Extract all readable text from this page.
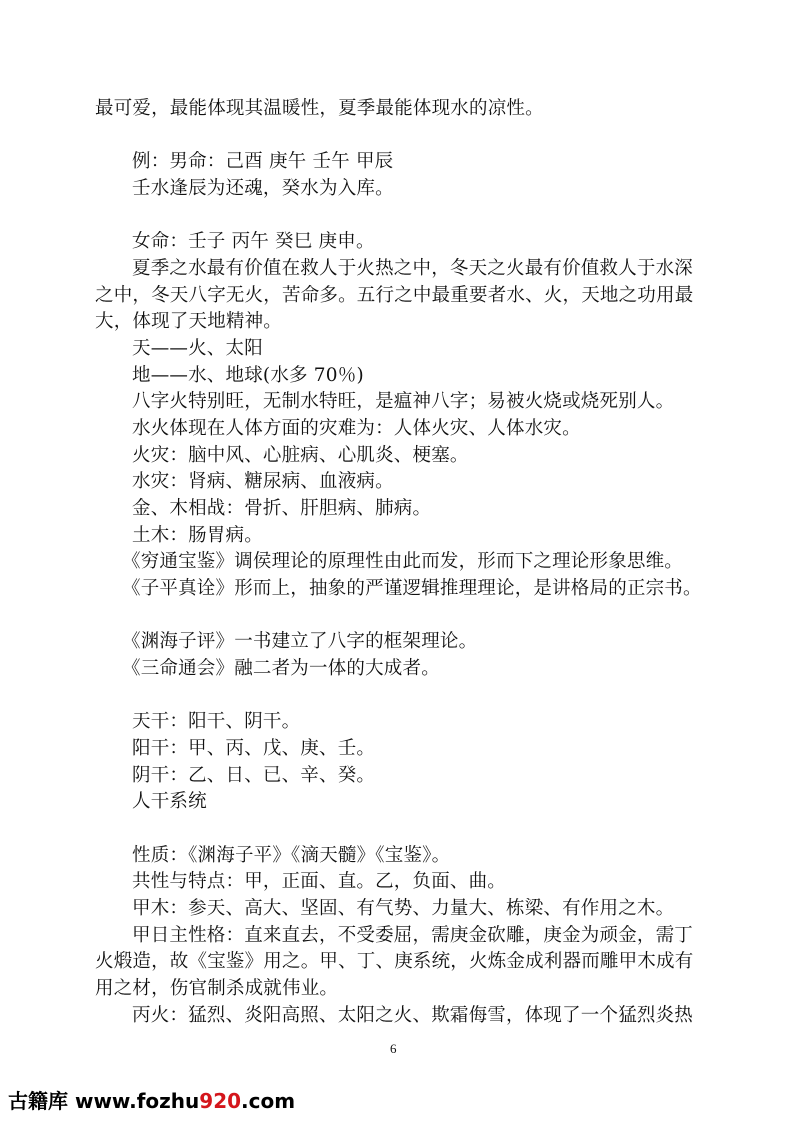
最可爱，最能体现其温暖性，夏季最能体现水的凉性。
例：男命：己酉 庚午 壬午 甲辰
壬水逢辰为还魂，癸水为入库。
女命：壬子 丙午 癸巳 庚申。
夏季之水最有价值在救人于火热之中，冬天之火最有价值救人于水深
之中，冬天八字无火，苦命多。五行之中最重要者水、火，天地之功用最
大，体现了天地精神。
天——火、太阳
地——水、地球(水多 70％)
八字火特别旺，无制水特旺，是瘟神八字；易被火烧或烧死别人。
水火体现在人体方面的灾难为：人体火灾、人体水灾。
火灾：脑中风、心脏病、心肌炎、梗塞。
水灾：肾病、糖尿病、血液病。
金、木相战：骨折、肝胆病、肺病。
土木：肠胃病。
《穷通宝鉴》调侯理论的原理性由此而发，形而下之理论形象思维。
《子平真诠》形而上，抽象的严谨逻辑推理理论，是讲格局的正宗书。
《渊海子评》一书建立了八字的框架理论。
《三命通会》融二者为一体的大成者。
天干：阳干、阴干。
阳干：甲、丙、戊、庚、壬。
阴干：乙、日、已、辛、癸。
人干系统
性质：《渊海子平》《滴天髓》《宝鉴》。
共性与特点：甲，正面、直。乙，负面、曲。
甲木：参天、高大、坚固、有气势、力量大、栋梁、有作用之木。
甲日主性格：直来直去，不受委屈，需庚金砍雕，庚金为顽金，需丁
火煅造，故《宝鉴》用之。甲、丁、庚系统，火炼金成利器而雕甲木成有
用之材，伤官制杀成就伟业。
丙火：猛烈、炎阳高照、太阳之火、欺霜侮雪，体现了一个猛烈炎热
6
古籍库 www.fozhu920.com
